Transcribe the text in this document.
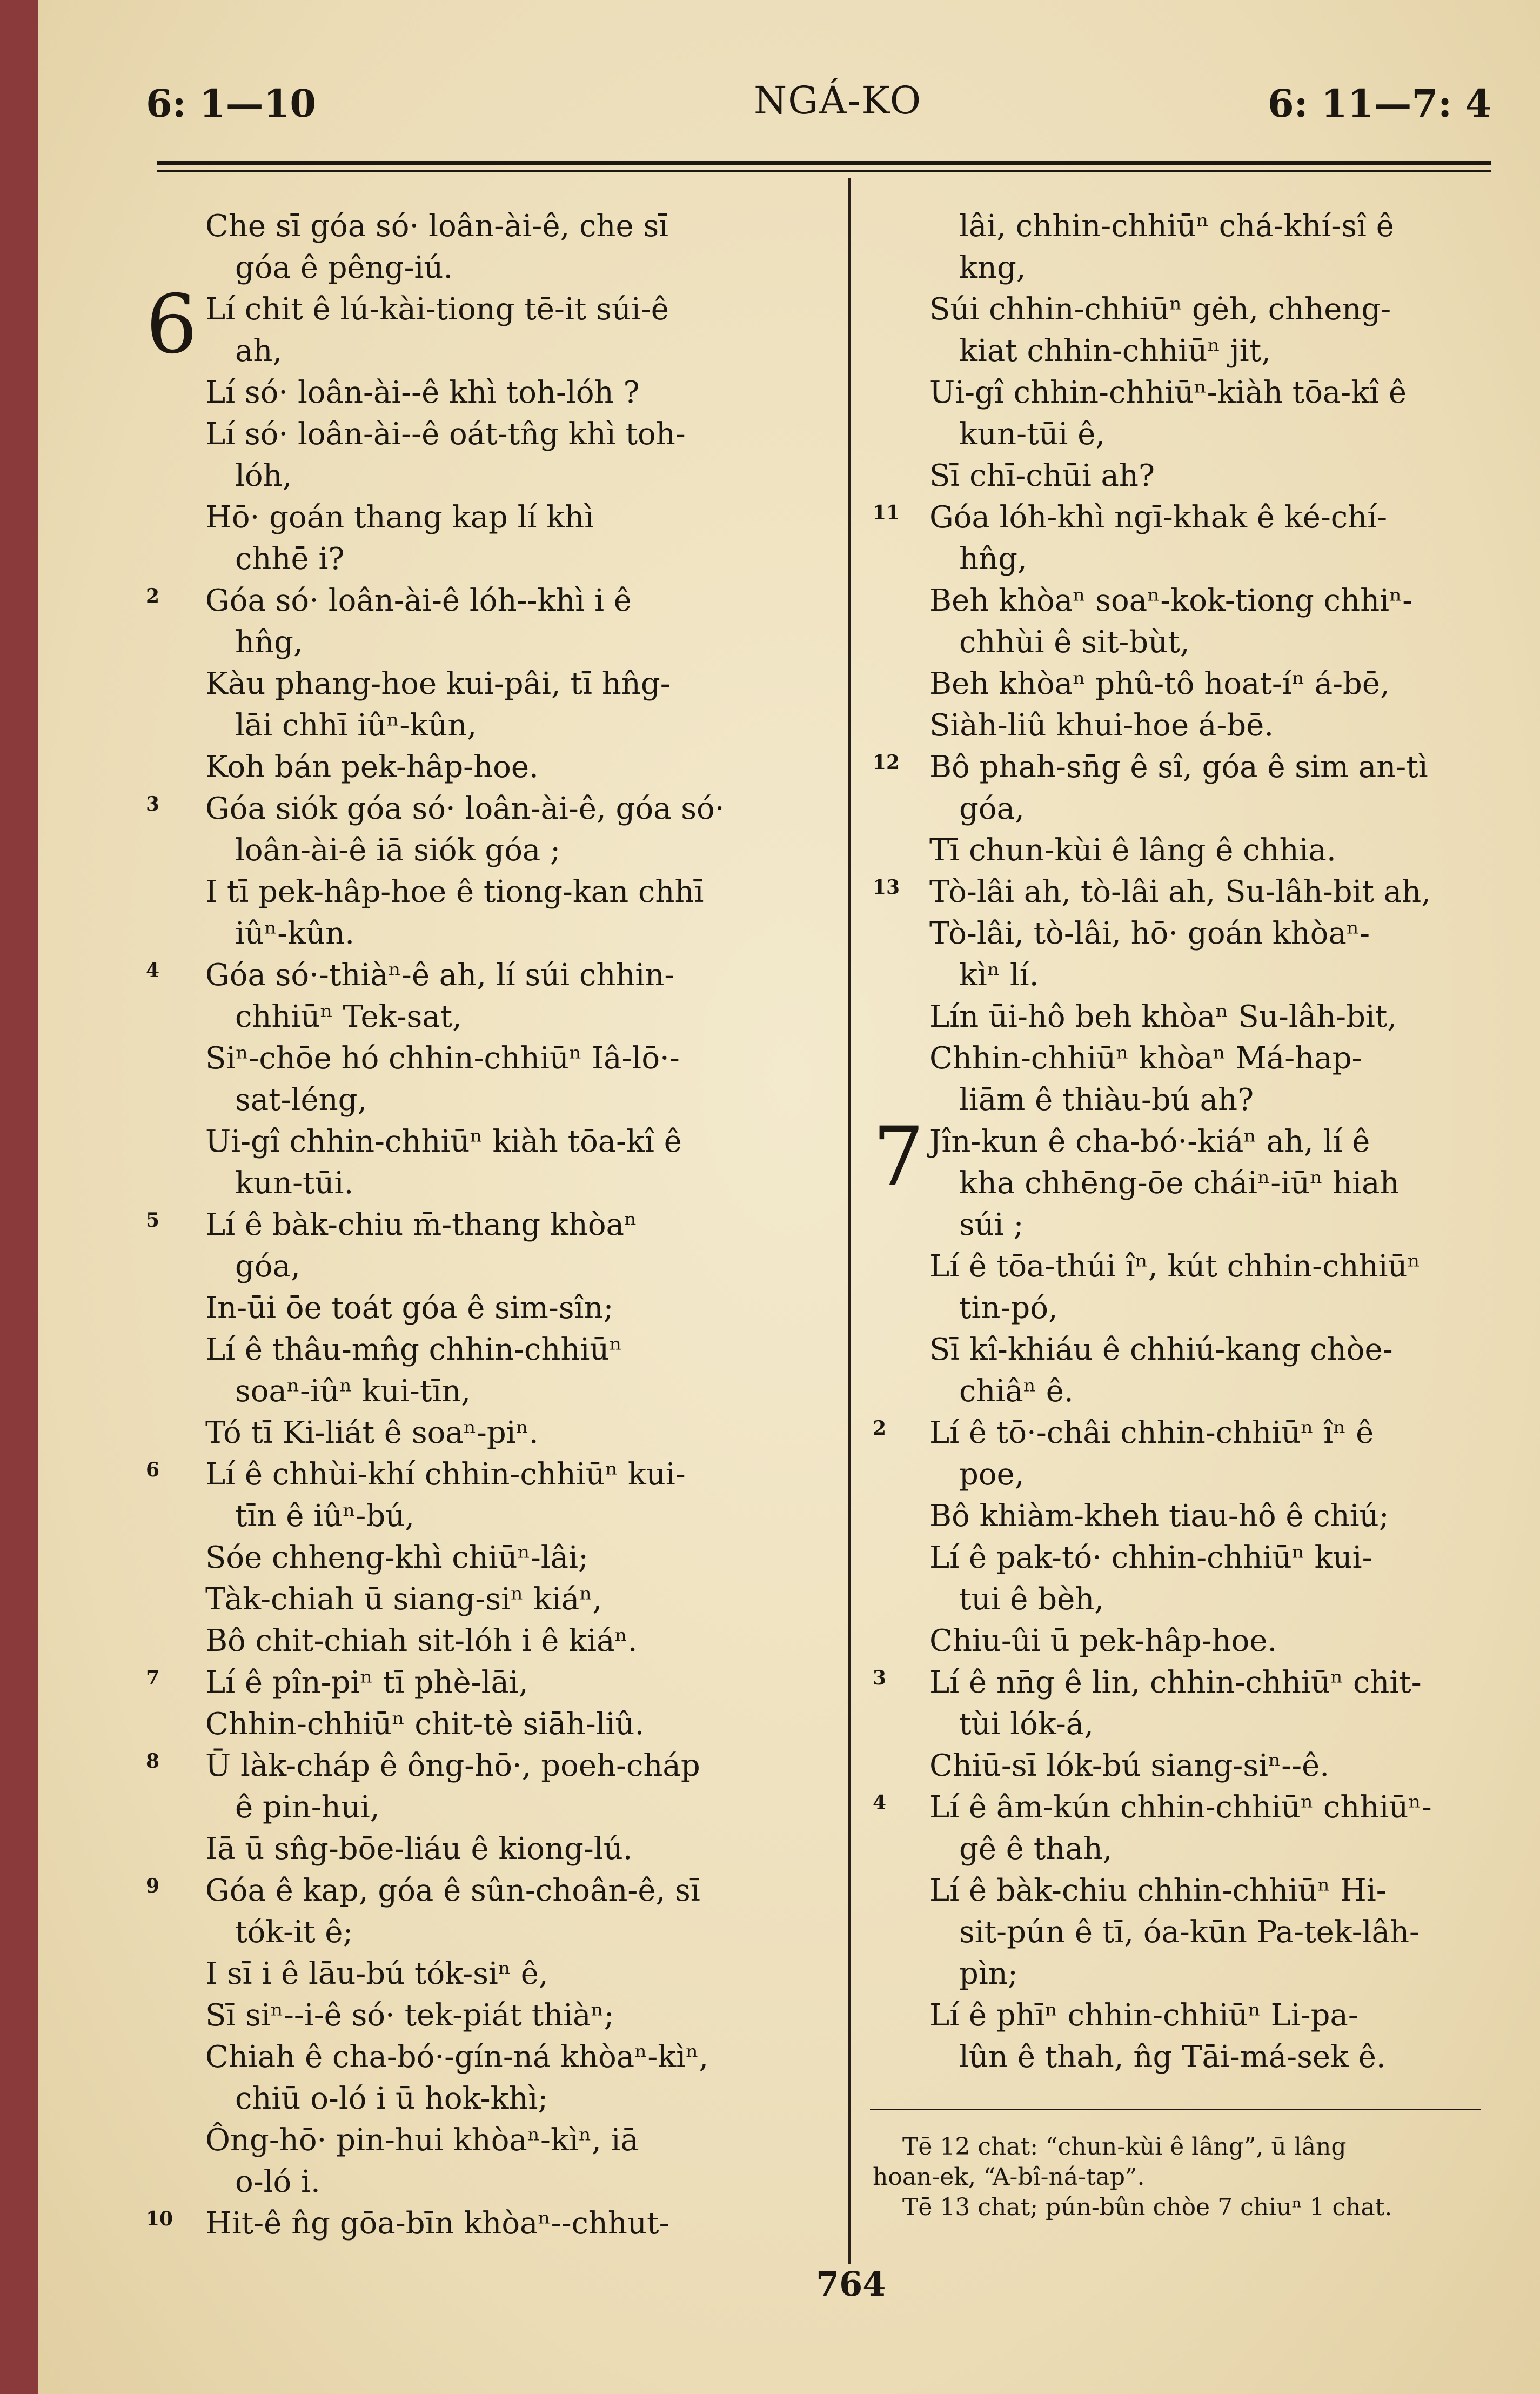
6: 1—10	NGÁ-KO	6: 11—7: 4
Che sī góa só· loân-ài-ê, che sī
góa ê pêng-iú.
6 Lí chit ê lú-kài-tiong tē-it súi-ê
ah,
Lí só· loân-ài--ê khì toh-lóh ?
Lí só· loân-ài--ê oát-tn̂g khì toh-
lóh,
Hō· goán thang kap lí khì
chhē i?
2 Góa só· loân-ài-ê lóh--khì i ê
hn̂g,
Kàu phang-hoe kui-pâi, tī hn̂g-
lāi chhī iûⁿ-kûn,
Koh bán pek-hâp-hoe.
3 Góa siók góa só· loân-ài-ê, góa só·
loân-ài-ê iā siók góa ;
I tī pek-hâp-hoe ê tiong-kan chhī
iûⁿ-kûn.
4 Góa só·-thiàⁿ-ê ah, lí súi chhin-
chhiūⁿ Tek-sat,
Siⁿ-chōe hó chhin-chhiūⁿ Iâ-lō·-
sat-léng,
Ui-gî chhin-chhiūⁿ kiàh tōa-kî ê
kun-tūi.
5 Lí ê bàk-chiu m̄-thang khòaⁿ
góa,
In-ūi ōe toát góa ê sim-sîn;
Lí ê thâu-mn̂g chhin-chhiūⁿ
soaⁿ-iûⁿ kui-tīn,
Tó tī Ki-liát ê soaⁿ-piⁿ.
6 Lí ê chhùi-khí chhin-chhiūⁿ kui-
tīn ê iûⁿ-bú,
Sóe chheng-khì chiūⁿ-lâi;
Tàk-chiah ū siang-siⁿ kiáⁿ,
Bô chit-chiah sit-lóh i ê kiáⁿ.
7 Lí ê pîn-piⁿ tī phè-lāi,
Chhin-chhiūⁿ chit-tè siāh-liû.
8 Ū làk-cháp ê ông-hō·, poeh-cháp
ê pin-hui,
Iā ū sn̂g-bōe-liáu ê kiong-lú.
9 Góa ê kap, góa ê sûn-choân-ê, sī
tók-it ê;
I sī i ê lāu-bú tók-siⁿ ê,
Sī siⁿ--i-ê só· tek-piát thiàⁿ;
Chiah ê cha-bó·-gín-ná khòaⁿ-kìⁿ,
chiū o-ló i ū hok-khì;
Ông-hō· pin-hui khòaⁿ-kìⁿ, iā
o-ló i.
10 Hit-ê n̂g gōa-bīn khòaⁿ--chhut-
lâi, chhin-chhiūⁿ chá-khí-sî ê
kng,
Súi chhin-chhiūⁿ gėh, chheng-
kiat chhin-chhiūⁿ jit,
Ui-gî chhin-chhiūⁿ-kiàh tōa-kî ê
kun-tūi ê,
Sī chī-chūi ah?
11 Góa lóh-khì ngī-khak ê ké-chí-
hn̂g,
Beh khòaⁿ soaⁿ-kok-tiong chhiⁿ-
chhùi ê sit-bùt,
Beh khòaⁿ phû-tô hoat-íⁿ á-bē,
Siàh-liû khui-hoe á-bē.
12 Bô phah-sn̄g ê sî, góa ê sim an-tì
góa,
Tī chun-kùi ê lâng ê chhia.
13 Tò-lâi ah, tò-lâi ah, Su-lâh-bit ah,
Tò-lâi, tò-lâi, hō· goán khòaⁿ-
kìⁿ lí.
Lín ūi-hô beh khòaⁿ Su-lâh-bit,
Chhin-chhiūⁿ khòaⁿ Má-hap-
liām ê thiàu-bú ah?
7 Jîn-kun ê cha-bó·-kiáⁿ ah, lí ê
kha chhēng-ōe cháiⁿ-iūⁿ hiah
súi ;
Lí ê tōa-thúi îⁿ, kút chhin-chhiūⁿ
tin-pó,
Sī kî-khiáu ê chhiú-kang chòe-
chiâⁿ ê.
2 Lí ê tō·-châi chhin-chhiūⁿ îⁿ ê
poe,
Bô khiàm-kheh tiau-hô ê chiú;
Lí ê pak-tó· chhin-chhiūⁿ kui-
tui ê bèh,
Chiu-ûi ū pek-hâp-hoe.
3 Lí ê nn̄g ê lin, chhin-chhiūⁿ chit-
tùi lók-á,
Chiū-sī lók-bú siang-siⁿ--ê.
4 Lí ê âm-kún chhin-chhiūⁿ chhiūⁿ-
gê ê thah,
Lí ê bàk-chiu chhin-chhiūⁿ Hi-
sit-pún ê tī, óa-kūn Pa-tek-lâh-
pìn;
Lí ê phīⁿ chhin-chhiūⁿ Li-pa-
lûn ê thah, n̂g Tāi-má-sek ê.
Tē 12 chat: “chun-kùi ê lâng”, ū lâng
hoan-ek, “A-bî-ná-tap”.
Tē 13 chat; pún-bûn chòe 7 chiuⁿ 1 chat.
764
